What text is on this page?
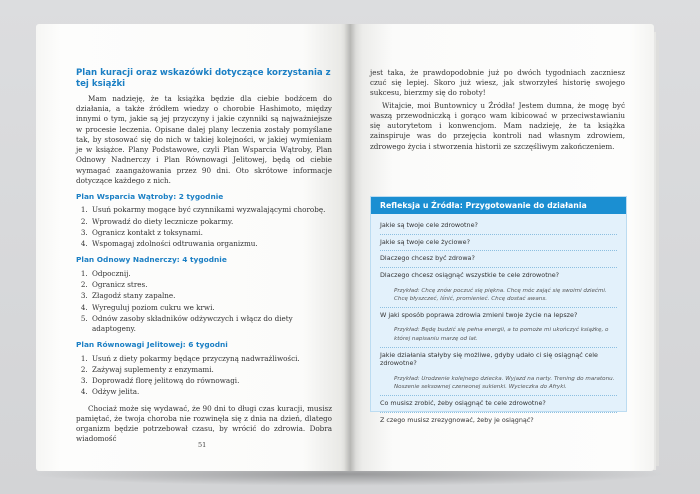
Plan kuracji oraz wskazówki dotyczące korzystania z tej książki

Mam nadzieję, że ta książka będzie dla ciebie bodźcem do działania, a także źródłem wiedzy o chorobie Hashimoto, między innymi o tym, jakie są jej przyczyny i jakie czynniki są najważniejsze w procesie leczenia. Opisane dalej plany leczenia zostały pomyślane tak, by stosować się do nich w takiej kolejności, w jakiej wymieniam je w książce. Plany Podstawowe, czyli Plan Wsparcia Wątroby, Plan Odnowy Nadnerczy i Plan Równowagi Jelitowej, będą od ciebie wymagać zaangażowania przez 90 dni. Oto skrótowe informacje dotyczące każdego z nich.

Plan Wsparcia Wątroby: 2 tygodnie
1. Usuń pokarmy mogące być czynnikami wyzwalającymi chorobę.
2. Wprowadź do diety lecznicze pokarmy.
3. Ogranicz kontakt z toksynami.
4. Wspomagaj zdolności odtruwania organizmu.
Plan Odnowy Nadnerczy: 4 tygodnie
1. Odpocznij.
2. Ogranicz stres.
3. Złagodź stany zapalne.
4. Wyreguluj poziom cukru we krwi.
5. Odnów zasoby składników odżywczych i włącz do diety adaptogeny.
Plan Równowagi Jelitowej: 6 tygodni
1. Usuń z diety pokarmy będące przyczyną nadwrażliwości.
2. Zażywaj suplementy z enzymami.
3. Doprowadź florę jelitową do równowagi.
4. Odżyw jelita.

Chociaż może się wydawać, że 90 dni to długi czas kuracji, musisz pamiętać, że twoja choroba nie rozwinęła się z dnia na dzień, dlatego organizm będzie potrzebował czasu, by wrócić do zdrowia. Dobra wiadomość

51

jest taka, że prawdopodobnie już po dwóch tygodniach zaczniesz czuć się lepiej. Skoro już wiesz, jak stworzyłeś historię swojego sukcesu, bierzmy się do roboty!

Witajcie, moi Buntownicy u Źródła! Jestem dumna, że mogę być waszą przewodniczką i gorąco wam kibicować w przeciwstawianiu się autorytetom i konwencjom. Mam nadzieję, że ta książka zainspiruje was do przejęcia kontroli nad własnym zdrowiem, zdrowego życia i stworzenia historii ze szczęśliwym zakończeniem.

Refleksja u Źródła: Przygotowanie do działania
Jakie są twoje cele zdrowotne?
Jakie są twoje cele życiowe?
Dlaczego chcesz być zdrowa?
Dlaczego chcesz osiągnąć wszystkie te cele zdrowotne?
Przykład: Chcę znów poczuć się piękna. Chcę móc zająć się swoimi dziećmi. Chcę błyszczeć, lśnić, promienieć. Chcę dostać awans.
W jaki sposób poprawa zdrowia zmieni twoje życie na lepsze?
Przykład: Będę budzić się pełna energii, a to pomoże mi ukończyć książkę, o której napisaniu marzę od lat.
Jakie działania stałyby się możliwe, gdyby udało ci się osiągnąć cele zdrowotne?
Przykład: Urodzenie kolejnego dziecka. Wyjazd na narty. Trening do maratonu. Noszenie seksownej czerwonej sukienki. Wycieczka do Afryki.
Co musisz zrobić, żeby osiągnąć te cele zdrowotne?
Z czego musisz zrezygnować, żeby je osiągnąć?
